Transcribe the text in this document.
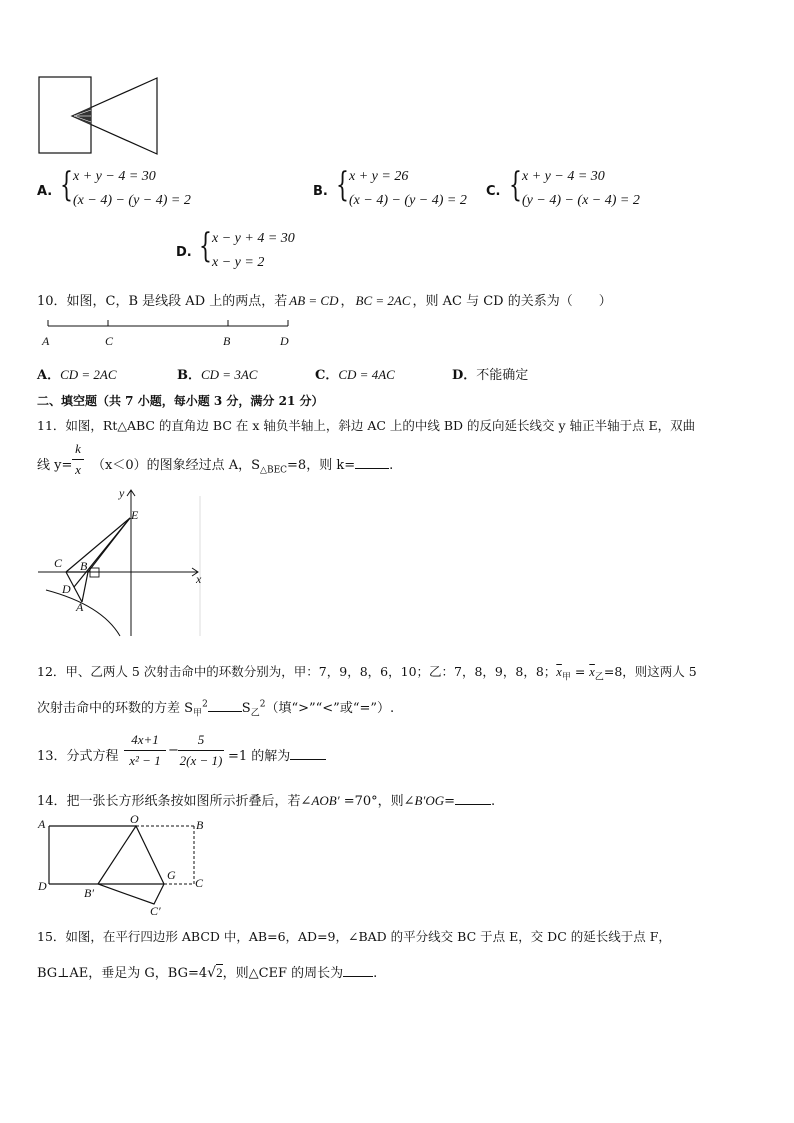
A. { x + y − 4 = 30
(x − 4) − (y − 4) = 2
B. { x + y = 26
(x − 4) − (y − 4) = 2
C. { x + y − 4 = 30
(y − 4) − (x − 4) = 2
D. { x − y + 4 = 30
x − y = 2
10．如图，C，B 是线段 AD 上的两点，若 AB = CD ， BC = 2AC ，则 AC 与 CD 的关系为（ ）
A	C	B	D
A．CD = 2AC	B．CD = 3AC	C．CD = 4AC	D．不能确定
二、填空题（共 7 小题，每小题 3 分，满分 21 分）
11．如图，Rt△ABC 的直角边 BC 在 x 轴负半轴上，斜边 AC 上的中线 BD 的反向延长线交 y 轴正半轴于点 E，双曲
线 y=
k
x （x＜0）的图象经过点 A，$S_{\triangle BEC}=8$，则 k=	.
y
E
C B
x
D
A
12．甲、乙两人 5 次射击命中的环数分别为，甲：7，9，8，6，10；乙：7，8，9，8，8；$\overline{x}_甲 = \overline{x}_乙=8$，则这两人 5
次射击命中的环数的方差 $S_甲^2$	$S_乙^2$（填“>”“<”或“=”）.
13．分式方程
4x+1
x² − 1
−
5
2(x − 1) =1 的解为
14．把一张长方形纸条按如图所示折叠后，若∠AOB′ =70°，则∠B′OG=	.
A	O	B
D	B′
G
C
C′
15．如图，在平行四边形 ABCD 中，AB=6，AD=9，∠BAD 的平分线交 BC 于点 E，交 DC 的延长线于点 F，
BG⊥AE，垂足为 G，BG=4√2，则△CEF 的周长为 .
